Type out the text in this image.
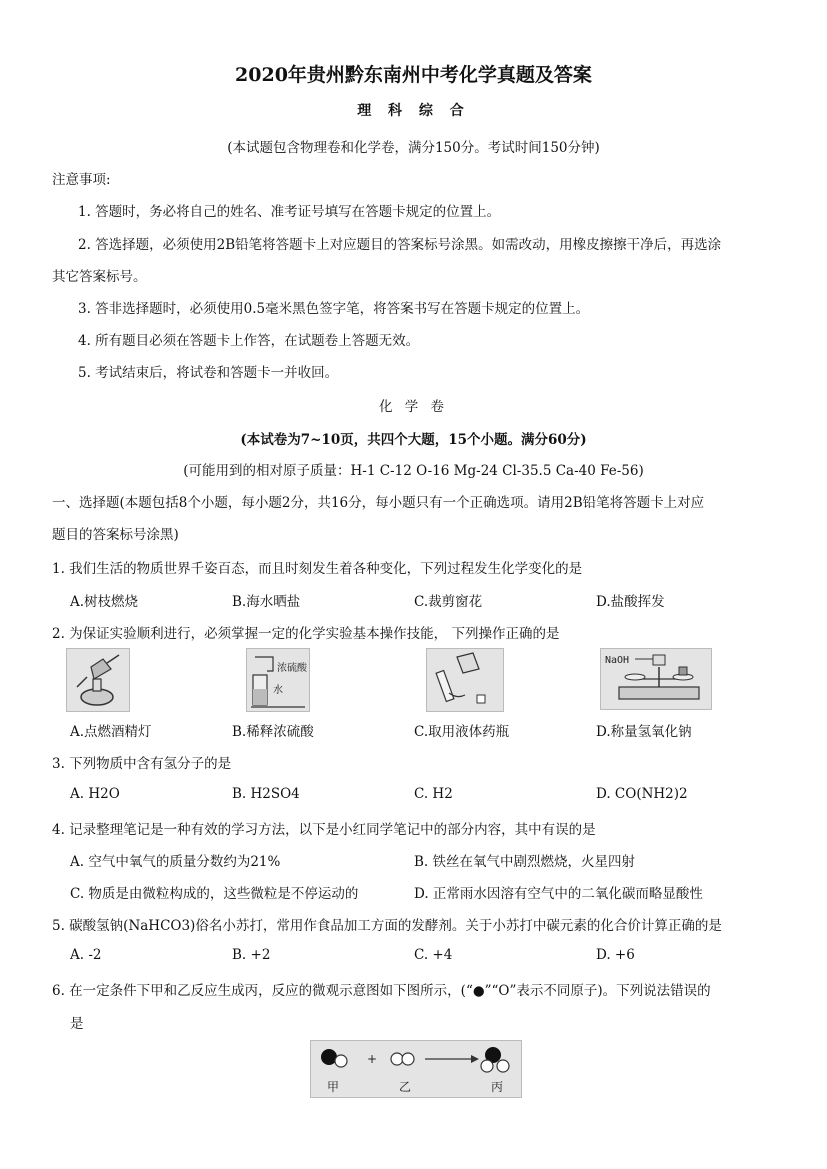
2020年贵州黔东南州中考化学真题及答案
理 科 综 合
(本试题包含物理卷和化学卷，满分150分。考试时间150分钟)
注意事项:
1. 答题时，务必将自己的姓名、准考证号填写在答题卡规定的位置上。
2. 答选择题，必须使用2B铅笔将答题卡上对应题目的答案标号涂黑。如需改动，用橡皮擦擦干净后，再选涂
其它答案标号。
3. 答非选择题时，必须使用0.5毫米黑色签字笔，将答案书写在答题卡规定的位置上。
4. 所有题目必须在答题卡上作答，在试题卷上答题无效。
5. 考试结束后，将试卷和答题卡一并收回。
化 学 卷
(本试卷为7~10页，共四个大题，15个小题。满分60分)
(可能用到的相对原子质量：H-1 C-12 O-16 Mg-24 Cl-35.5 Ca-40 Fe-56)
一、选择题(本题包括8个小题，每小题2分，共16分，每小题只有一个正确选项。请用2B铅笔将答题卡上对应
题目的答案标号涂黑)
1. 我们生活的物质世界千姿百态，而且时刻发生着各种变化，下列过程发生化学变化的是
A.树枝燃烧	B.海水晒盐	C.裁剪窗花	D.盐酸挥发
2. 为保证实验顺利进行，必须掌握一定的化学实验基本操作技能， 下列操作正确的是
浓硫酸
水
NaOH
A.点燃酒精灯	B.稀释浓硫酸	C.取用液体药瓶	D.称量氢氧化钠
3. 下列物质中含有氢分子的是
A. H2O	B. H2SO4	C. H2	D. CO(NH2)2
4. 记录整理笔记是一种有效的学习方法，以下是小红同学笔记中的部分内容，其中有误的是
A. 空气中氧气的质量分数约为21%	B. 铁丝在氧气中剧烈燃烧，火星四射
C. 物质是由微粒构成的，这些微粒是不停运动的	D. 正常雨水因溶有空气中的二氧化碳而略显酸性
5. 碳酸氢钠(NaHCO3)俗名小苏打，常用作食品加工方面的发酵剂。关于小苏打中碳元素的化合价计算正确的是
A. -2	B. +2	C. +4	D. +6
6. 在一定条件下甲和乙反应生成丙，反应的微观示意图如下图所示，(“●”“O”表示不同原子)。下列说法错误的
是
+
甲	乙	丙
